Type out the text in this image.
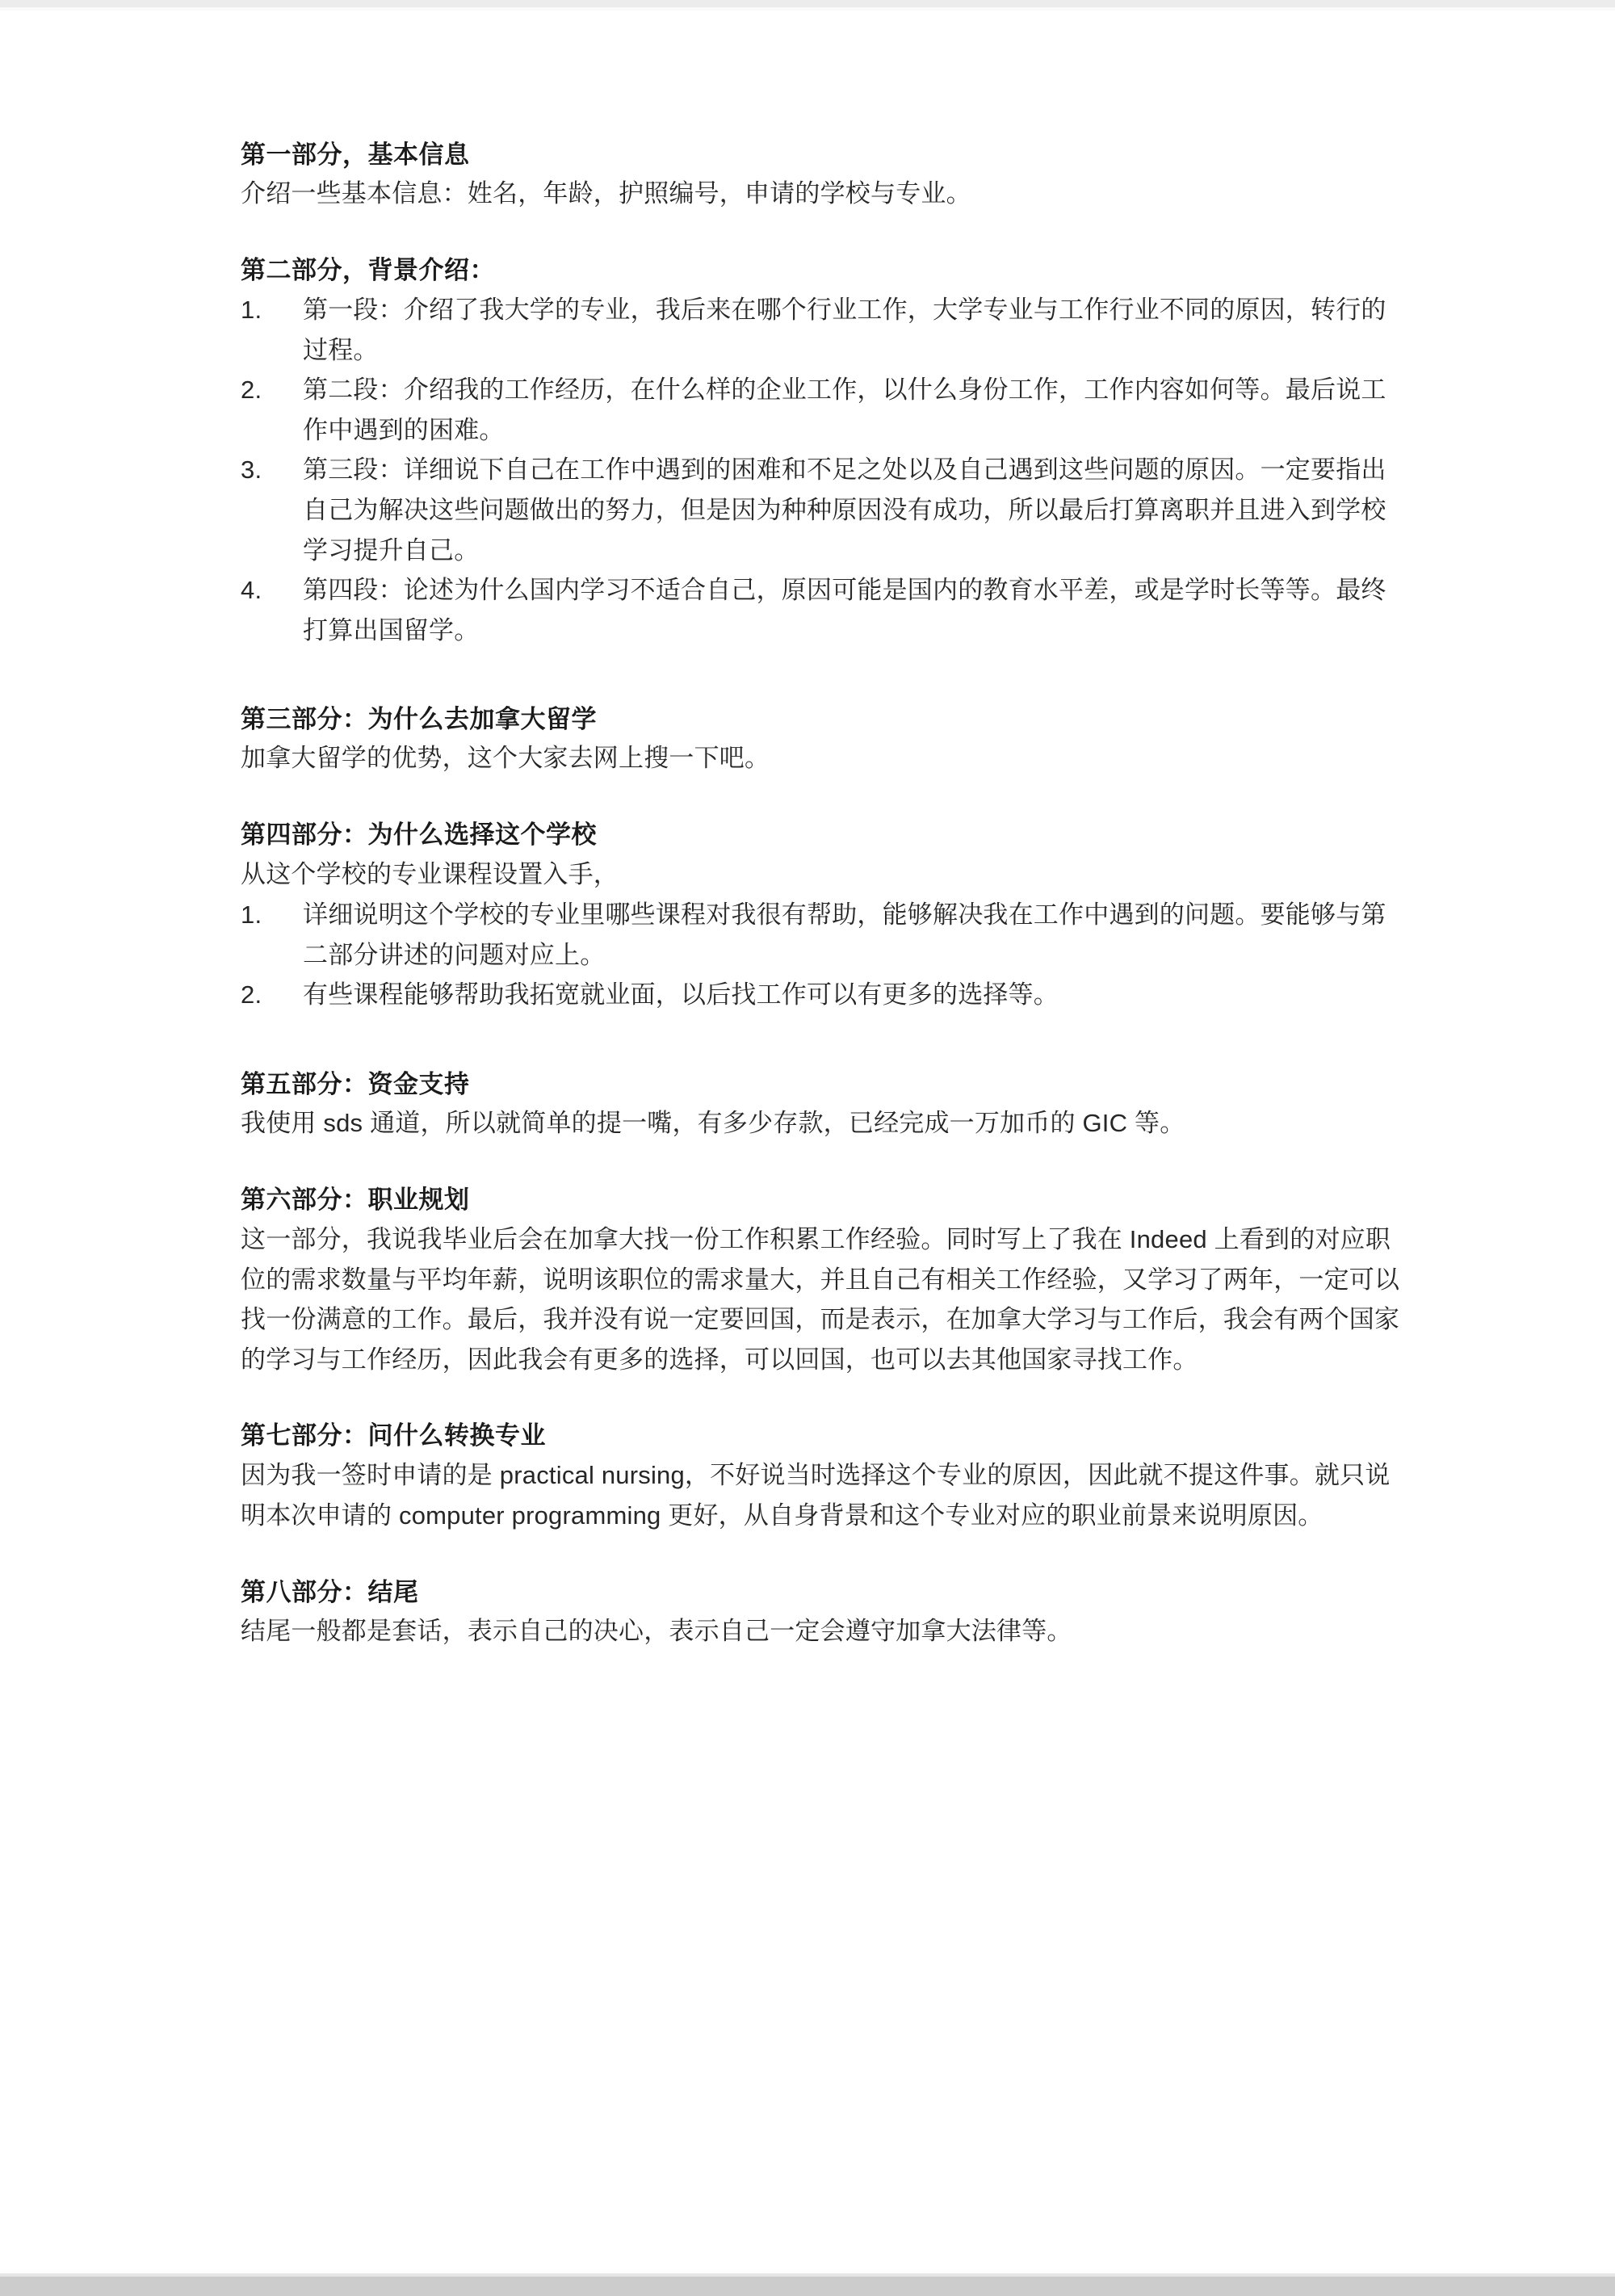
第一部分，基本信息

介绍一些基本信息：姓名，年龄，护照编号，申请的学校与专业。

第二部分，背景介绍：

1.	第一段：介绍了我大学的专业，我后来在哪个行业工作，大学专业与工作行业不同的原因，转行的过程。
2.	第二段：介绍我的工作经历，在什么样的企业工作，以什么身份工作，工作内容如何等。最后说工作中遇到的困难。
3.	第三段：详细说下自己在工作中遇到的困难和不足之处以及自己遇到这些问题的原因。一定要指出自己为解决这些问题做出的努力，但是因为种种原因没有成功，所以最后打算离职并且进入到学校学习提升自己。
4.	第四段：论述为什么国内学习不适合自己，原因可能是国内的教育水平差，或是学时长等等。最终打算出国留学。

第三部分：为什么去加拿大留学

加拿大留学的优势，这个大家去网上搜一下吧。

第四部分：为什么选择这个学校

从这个学校的专业课程设置入手，

1.	详细说明这个学校的专业里哪些课程对我很有帮助，能够解决我在工作中遇到的问题。要能够与第二部分讲述的问题对应上。
2.	有些课程能够帮助我拓宽就业面，以后找工作可以有更多的选择等。

第五部分：资金支持

我使用 sds 通道，所以就简单的提一嘴，有多少存款，已经完成一万加币的 GIC 等。

第六部分：职业规划

这一部分，我说我毕业后会在加拿大找一份工作积累工作经验。同时写上了我在 Indeed 上看到的对应职位的需求数量与平均年薪，说明该职位的需求量大，并且自己有相关工作经验，又学习了两年，一定可以找一份满意的工作。最后，我并没有说一定要回国，而是表示，在加拿大学习与工作后，我会有两个国家的学习与工作经历，因此我会有更多的选择，可以回国，也可以去其他国家寻找工作。

第七部分：问什么转换专业

因为我一签时申请的是 practical nursing，不好说当时选择这个专业的原因，因此就不提这件事。就只说明本次申请的 computer programming 更好，从自身背景和这个专业对应的职业前景来说明原因。

第八部分：结尾

结尾一般都是套话，表示自己的决心，表示自己一定会遵守加拿大法律等。
